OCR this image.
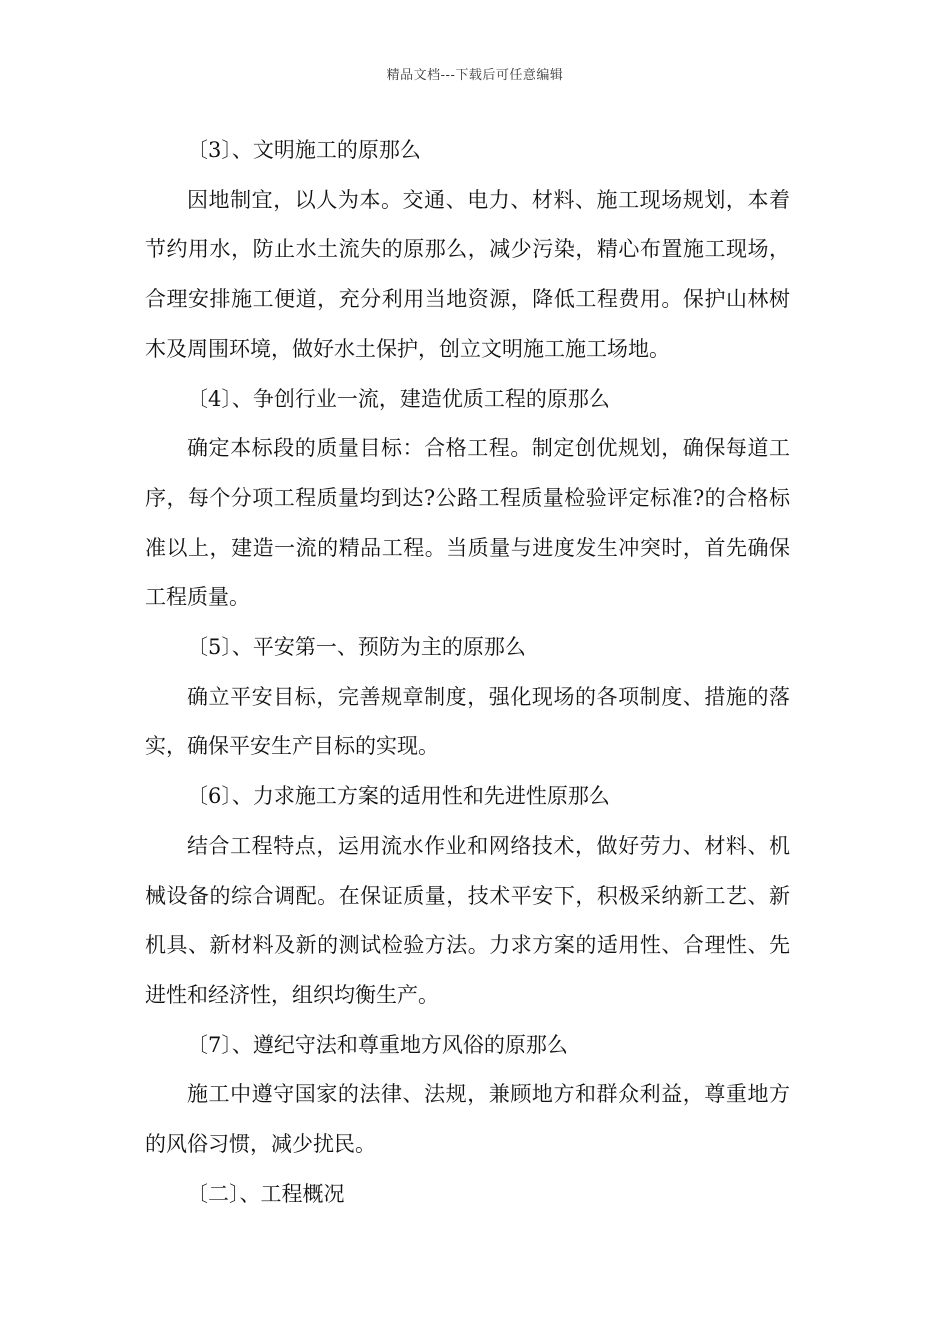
精品文档---下载后可任意编辑

〔3〕、文明施工的原那么

因地制宜，以人为本。交通、电力、材料、施工现场规划，本着节约用水，防止水土流失的原那么，减少污染，精心布置施工现场，合理安排施工便道，充分利用当地资源，降低工程费用。保护山林树木及周围环境，做好水土保护，创立文明施工施工场地。

〔4〕、争创行业一流，建造优质工程的原那么

确定本标段的质量目标：合格工程。制定创优规划，确保每道工序，每个分项工程质量均到达?公路工程质量检验评定标准?的合格标准以上，建造一流的精品工程。当质量与进度发生冲突时，首先确保工程质量。

〔5〕、平安第一、预防为主的原那么

确立平安目标，完善规章制度，强化现场的各项制度、措施的落实，确保平安生产目标的实现。

〔6〕、力求施工方案的适用性和先进性原那么

结合工程特点，运用流水作业和网络技术，做好劳力、材料、机械设备的综合调配。在保证质量，技术平安下，积极采纳新工艺、新机具、新材料及新的测试检验方法。力求方案的适用性、合理性、先进性和经济性，组织均衡生产。

〔7〕、遵纪守法和尊重地方风俗的原那么

施工中遵守国家的法律、法规，兼顾地方和群众利益，尊重地方的风俗习惯，减少扰民。

〔二〕、工程概况
